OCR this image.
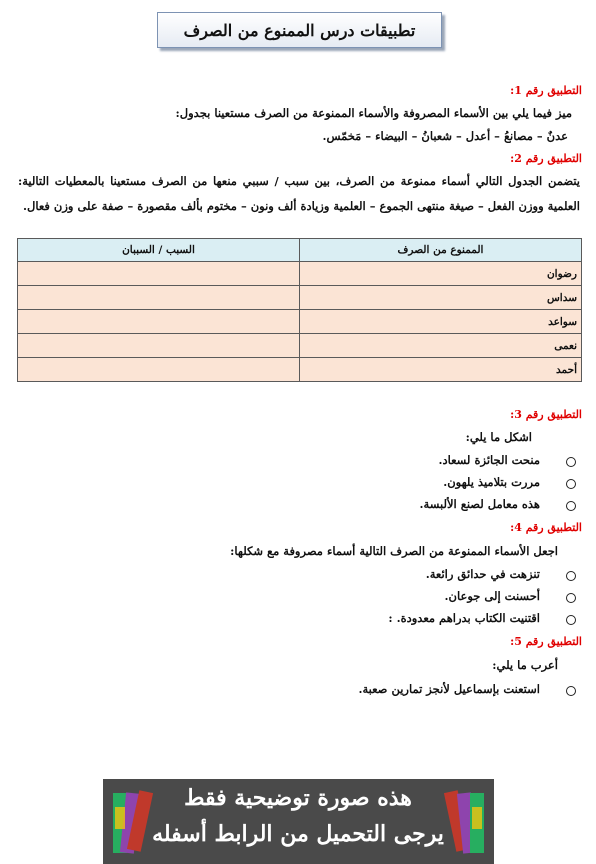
تطبيقات درس الممنوع من الصرف
التطبيق رقم 1:
ميز فيما يلي بين الأسماء المصروفة والأسماء الممنوعة من الصرف مستعينا بجدول:
عدنٌ – مصانعُ – أعدل – شعبانُ – البيضاء – مَخمّس.
التطبيق رقم 2:
يتضمن الجدول التالي أسماء ممنوعة من الصرف، بين سبب / سببي منعها من الصرف مستعينا بالمعطيات التالية: العلمية ووزن الفعل – صيغة منتهى الجموع – العلمية وزيادة ألف ونون – مختوم بألف مقصورة – صفة على وزن فعال.
الممنوع من الصرف	السبب / السببان
رضوان	
سداس	
سواعد	
نعمى	
أحمد	
التطبيق رقم 3:
اشكل ما يلي:
منحت الجائزة لسعاد.
مررت بتلاميذ يلهون.
هذه معامل لصنع الألبسة.
التطبيق رقم 4:
اجعل الأسماء الممنوعة من الصرف التالية أسماء مصروفة مع شكلها:
تنزهت في حدائق رائعة.
أحسنت إلى جوعان.
اقتنيت الكتاب بدراهم معدودة. :
التطبيق رقم 5:
أعرب ما يلي:
استعنت بإسماعيل لأنجز تمارين صعبة.
هذه صورة توضيحية فقط
يرجى التحميل من الرابط أسفله
